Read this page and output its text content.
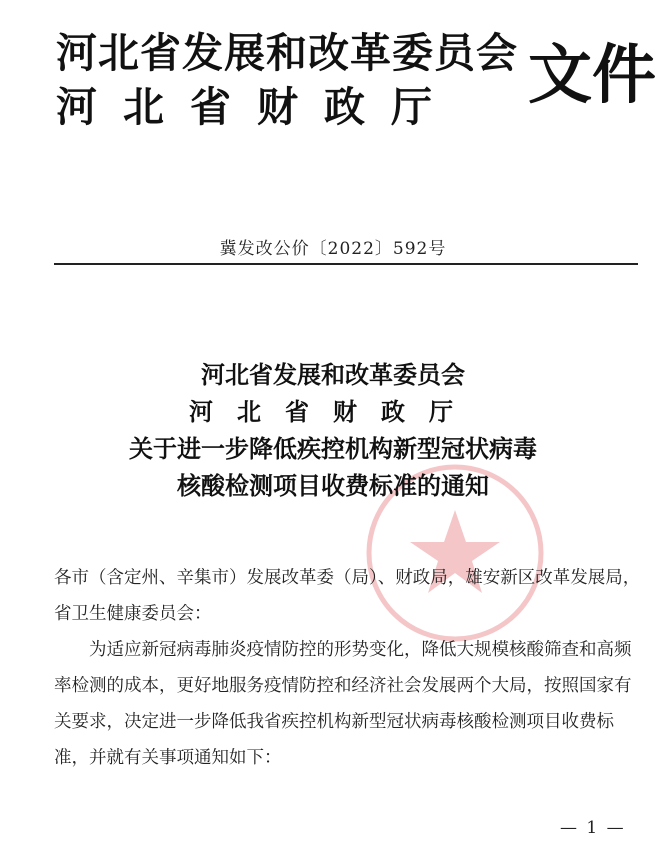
河北省发展和改革委员会
河北省财政厅	文件
冀发改公价〔2022〕592号
河北省发展和改革委员会
河北省财政厅
关于进一步降低疾控机构新型冠状病毒
核酸检测项目收费标准的通知

各市（含定州、辛集市）发展改革委（局）、财政局，雄安新区改革发展局，省卫生健康委员会：

为适应新冠病毒肺炎疫情防控的形势变化，降低大规模核酸筛查和高频率检测的成本，更好地服务疫情防控和经济社会发展两个大局，按照国家有关要求，决定进一步降低我省疾控机构新型冠状病毒核酸检测项目收费标准，并就有关事项通知如下：

— 1 —
